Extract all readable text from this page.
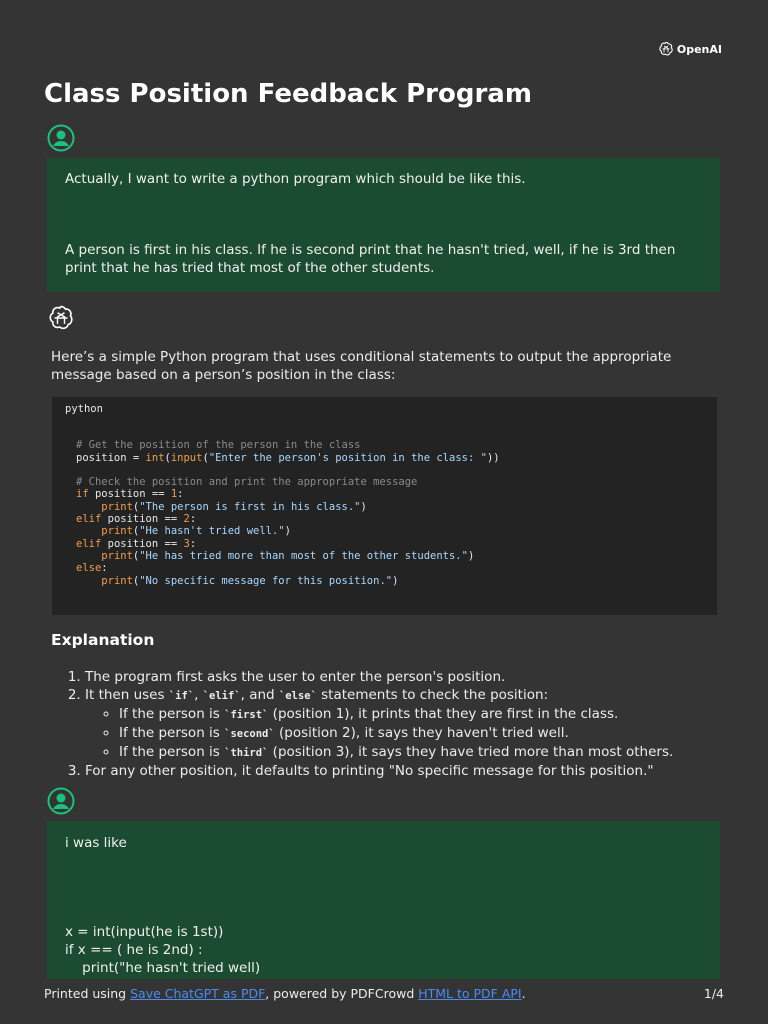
OpenAI
Class Position Feedback Program

Actually, I want to write a python program which should be like this.

A person is first in his class. If he is second print that he hasn't tried, well, if he is 3rd then print that he has tried that most of the other students.

Here’s a simple Python program that uses conditional statements to output the appropriate message based on a person’s position in the class:

python
# Get the position of the person in the class
position = int(input("Enter the person's position in the class: "))

# Check the position and print the appropriate message
if position == 1:
print("The person is first in his class.")
elif position == 2:
print("He hasn't tried well.")
elif position == 3:
print("He has tried more than most of the other students.")
else:
print("No specific message for this position.")
Explanation
1. The program first asks the user to enter the person's position.
2. It then uses `if`, `elif`, and `else` statements to check the position:
◦ If the person is `first` (position 1), it prints that they are first in the class.
◦ If the person is `second` (position 2), it says they haven't tried well.
◦ If the person is `third` (position 3), it says they have tried more than most others.
3. For any other position, it defaults to printing "No specific message for this position."

i was like

x = int(input(he is 1st))

if x == ( he is 2nd) :

print("he hasn't tried well)

Printed using Save ChatGPT as PDF, powered by PDFCrowd HTML to PDF API.	1/4
